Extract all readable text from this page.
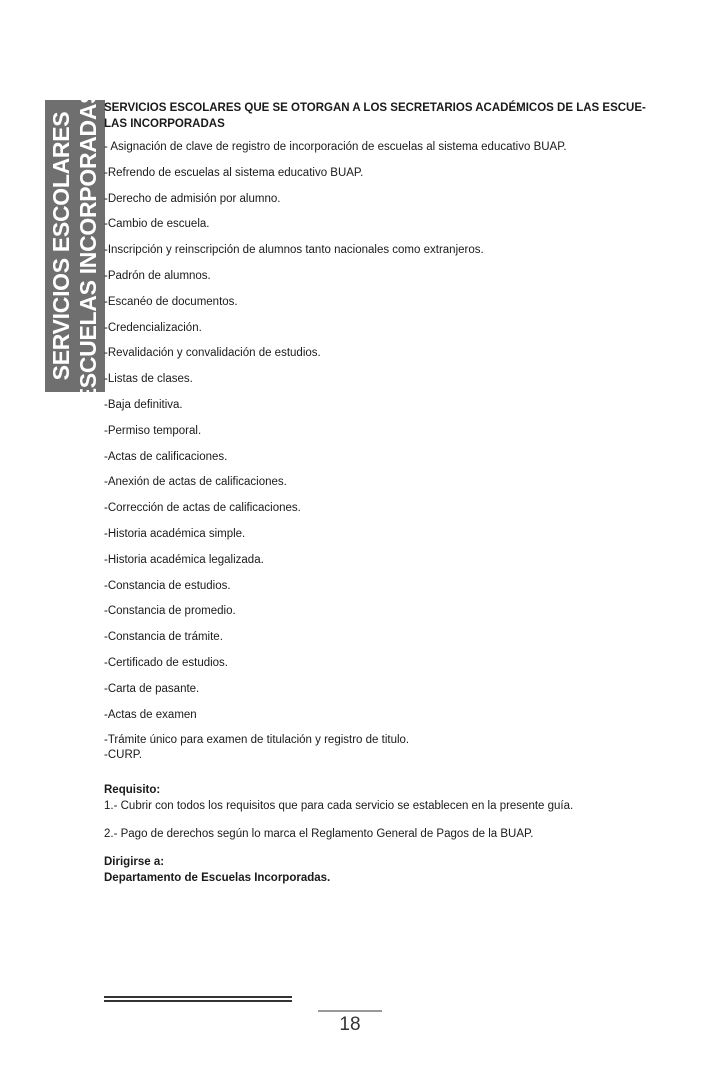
SERVICIOS ESCOLARES ESCUELAS INCORPORADAS SERVICIOS ESCOLARES QUE SE OTORGAN A LOS SECRETARIOS ACADÉMICOS DE LAS ESCUE-
LAS INCORPORADAS

- Asignación de clave de registro de incorporación de escuelas al sistema educativo BUAP.
-Refrendo de escuelas al sistema educativo BUAP.
-Derecho de admisión por alumno.
-Cambio de escuela.
-Inscripción y reinscripción de alumnos tanto nacionales como extranjeros.
-Padrón de alumnos.
-Escanéo de documentos.
-Credencialización.
-Revalidación y convalidación de estudios.
-Listas de clases.
-Baja definitiva.
-Permiso temporal.
-Actas de calificaciones.
-Anexión de actas de calificaciones.
-Corrección de actas de calificaciones.
-Historia académica simple.
-Historia académica legalizada.
-Constancia de estudios.
-Constancia de promedio.
-Constancia de trámite.
-Certificado de estudios.
-Carta de pasante.
-Actas de examen
-Trámite único para examen de titulación y registro de titulo.
-CURP.

Requisito:

1.- Cubrir con todos los requisitos que para cada servicio se establecen en la presente guía.

2.- Pago de derechos según lo marca el Reglamento General de Pagos de la BUAP.

Dirigirse a:
Departamento de Escuelas Incorporadas.
18
